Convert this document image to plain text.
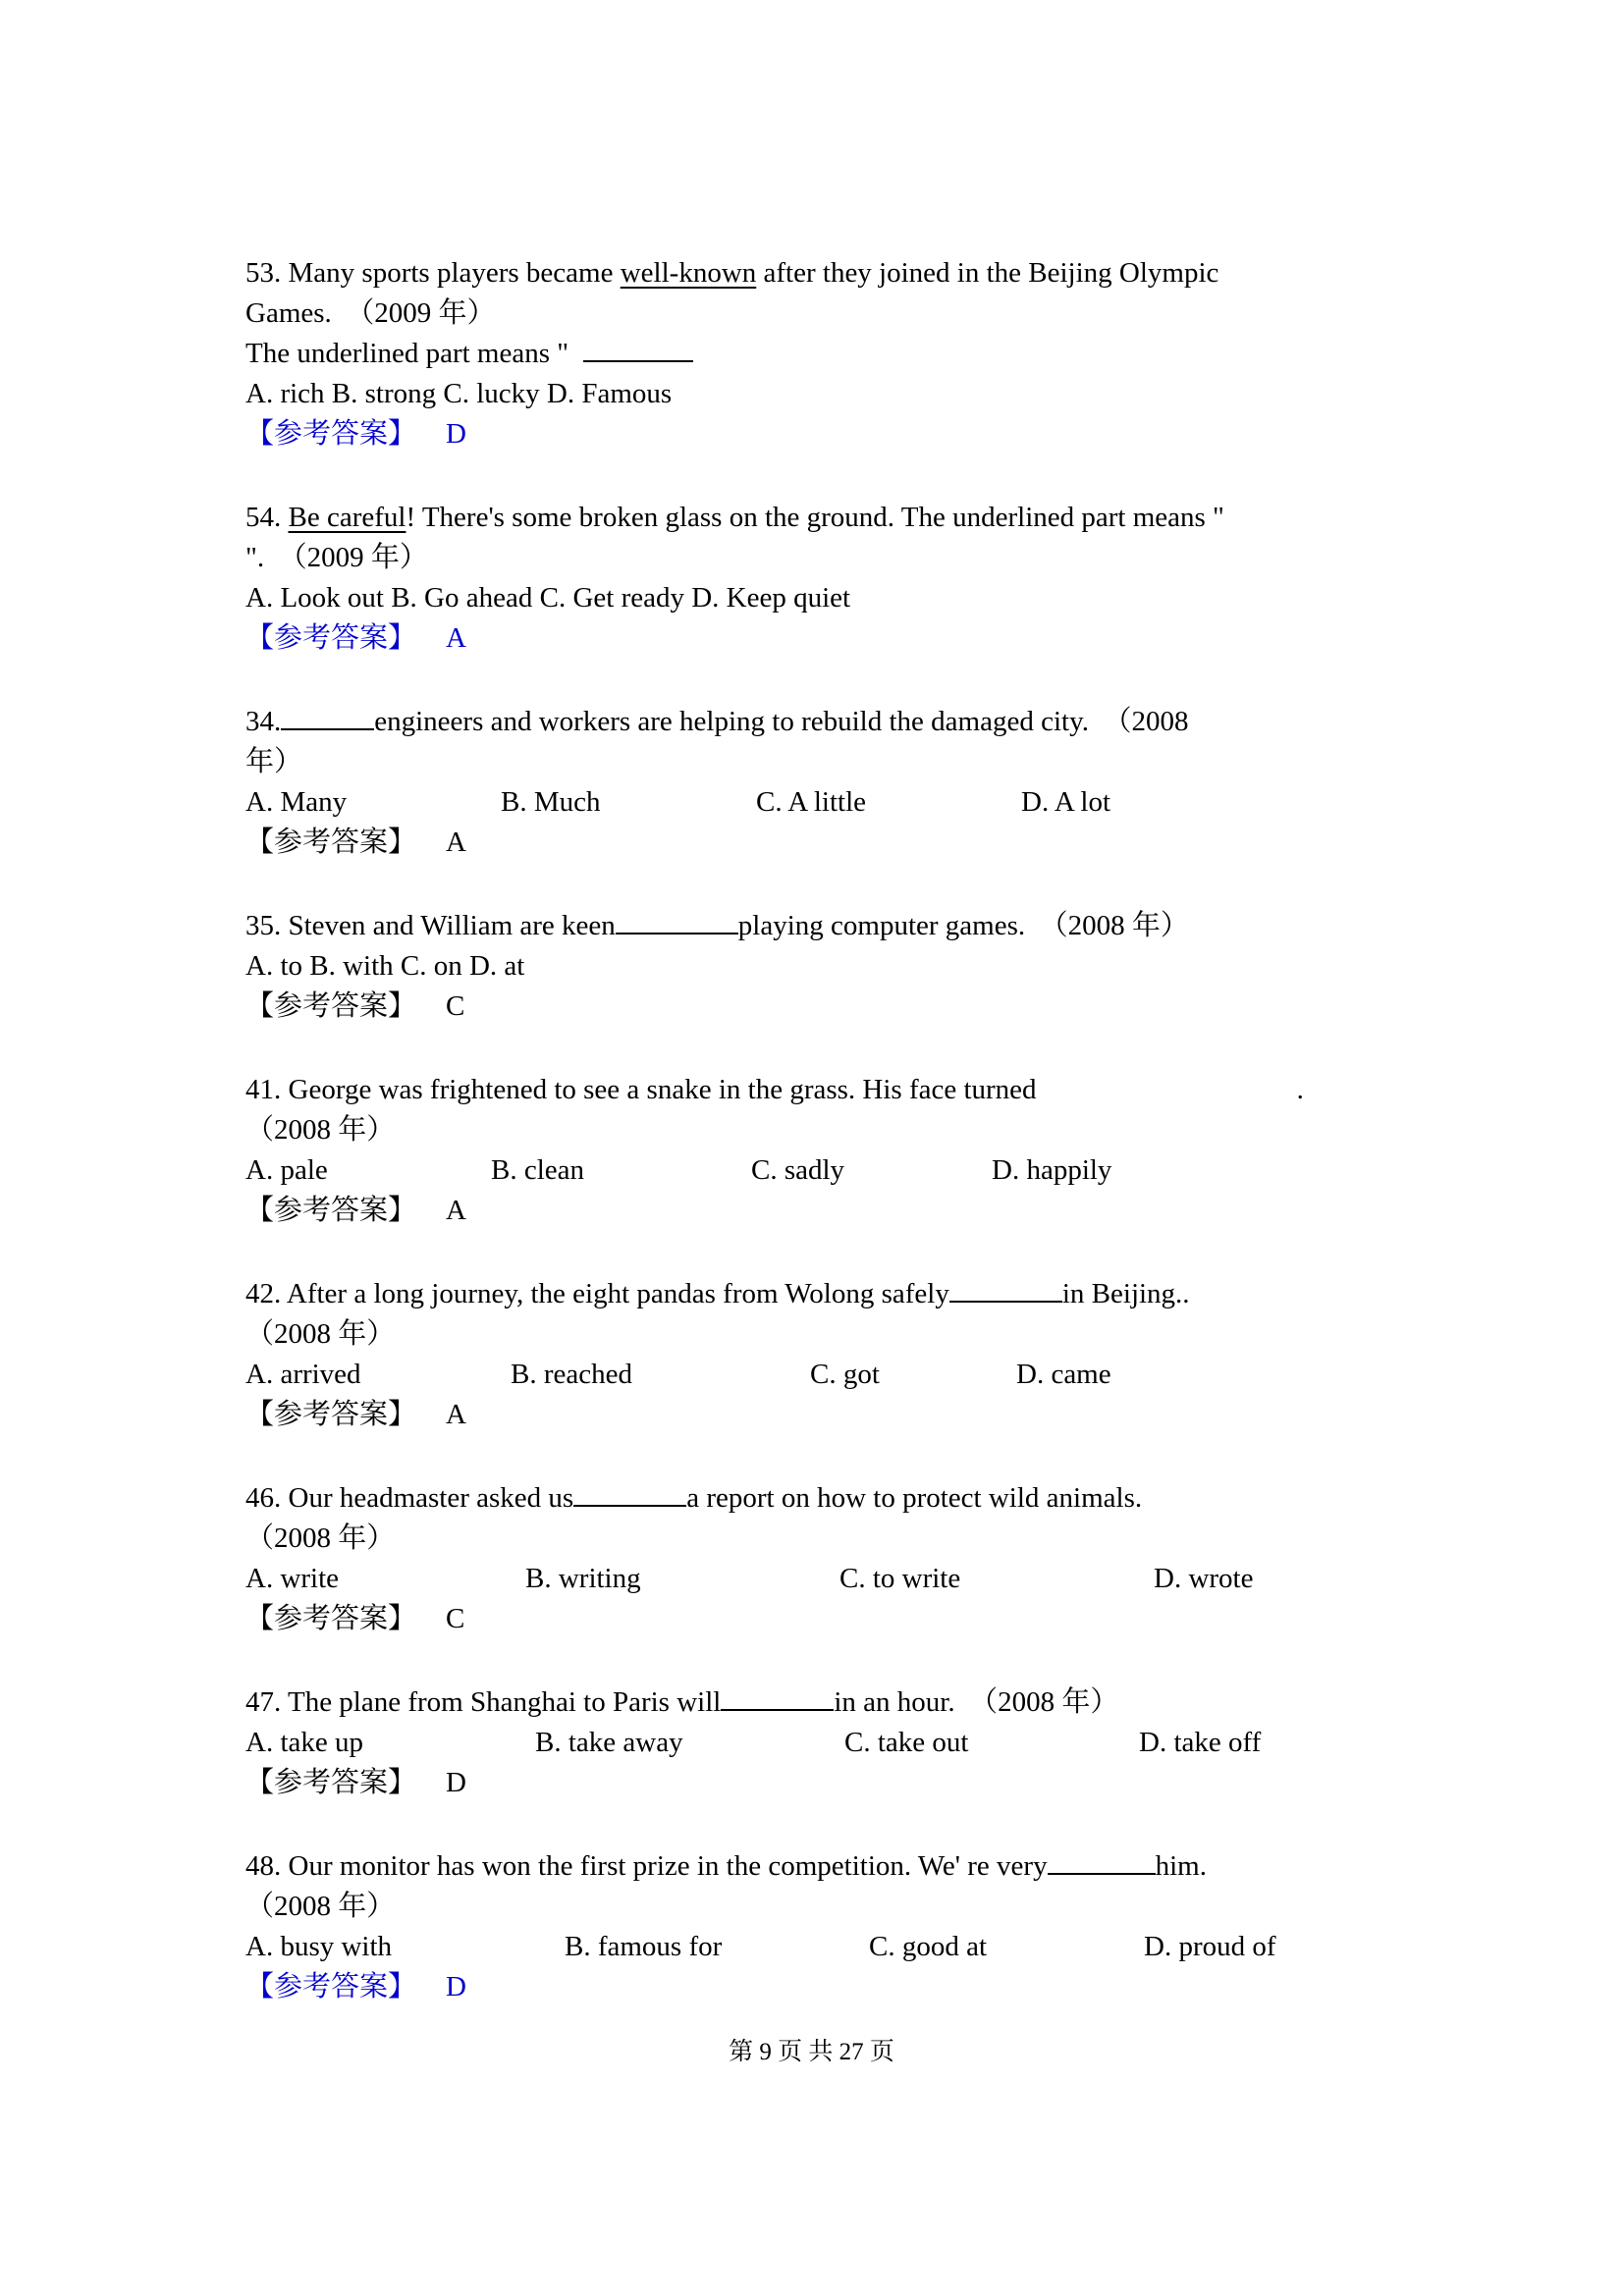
53. Many sports players became well-known after they joined in the Beijing Olympic
Games.  （2009 年）
The underlined part means "
A. rich B. strong C. lucky D. Famous
【参考答案】 D
54. Be careful! There's some broken glass on the ground. The underlined part means "
".  （2009 年）
A. Look out B. Go ahead C. Get ready D. Keep quiet
【参考答案】 A
34.	engineers and workers are helping to rebuild the damaged city.  （2008
年）
A. Many	B. Much	C. A little	D. A lot
【参考答案】 A
35. Steven and William are keen	playing computer games.  （2008 年）
A. to B. with C. on D. at
【参考答案】 C
41. George was frightened to see a snake in the grass. His face turned	.
（2008 年）
A. pale	B. clean	C. sadly	D. happily
【参考答案】 A
42. After a long journey, the eight pandas from Wolong safely	in Beijing..
（2008 年）
A. arrived	B. reached	C. got	D. came
【参考答案】 A
46. Our headmaster asked us	a report on how to protect wild animals.
（2008 年）
A. write	B. writing	C. to write	D. wrote
【参考答案】 C
47. The plane from Shanghai to Paris will	in an hour.  （2008 年）
A. take up	B. take away	C. take out	D. take off
【参考答案】 D
48. Our monitor has won the first prize in the competition. We' re very	him.
（2008 年）
A. busy with	B. famous for	C. good at	D. proud of
【参考答案】 D
第 9 页 共 27 页
